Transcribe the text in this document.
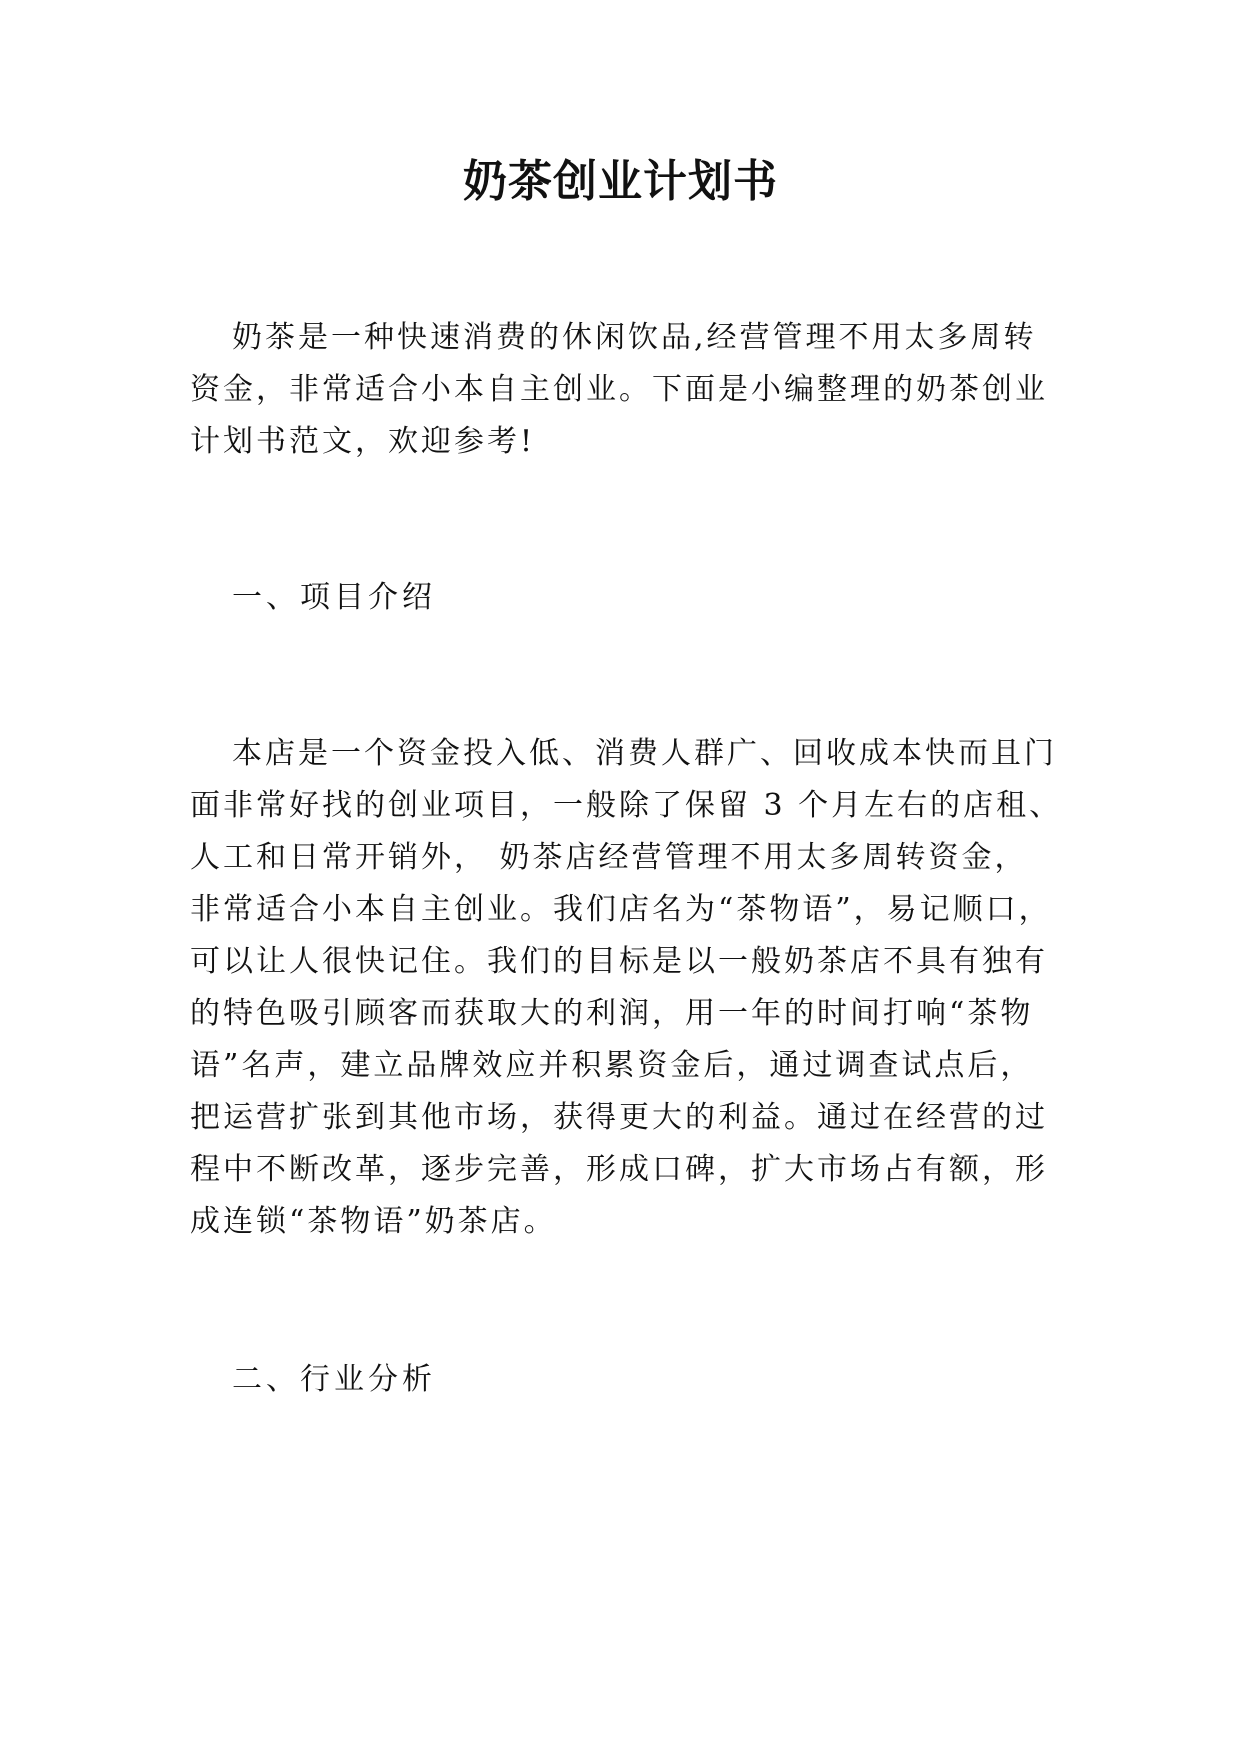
奶茶创业计划书

奶茶是一种快速消费的休闲饮品,经营管理不用太多周转

资金，非常适合小本自主创业。下面是小编整理的奶茶创业

计划书范文，欢迎参考!

一、项目介绍

本店是一个资金投入低、消费人群广、回收成本快而且门

面非常好找的创业项目，一般除了保留 3 个月左右的店租、

人工和日常开销外， 奶茶店经营管理不用太多周转资金，

非常适合小本自主创业。我们店名为“茶物语”，易记顺口，

可以让人很快记住。我们的目标是以一般奶茶店不具有独有

的特色吸引顾客而获取大的利润，用一年的时间打响“茶物

语”名声，建立品牌效应并积累资金后，通过调查试点后，

把运营扩张到其他市场，获得更大的利益。通过在经营的过

程中不断改革，逐步完善，形成口碑，扩大市场占有额，形

成连锁“茶物语”奶茶店。

二、行业分析
